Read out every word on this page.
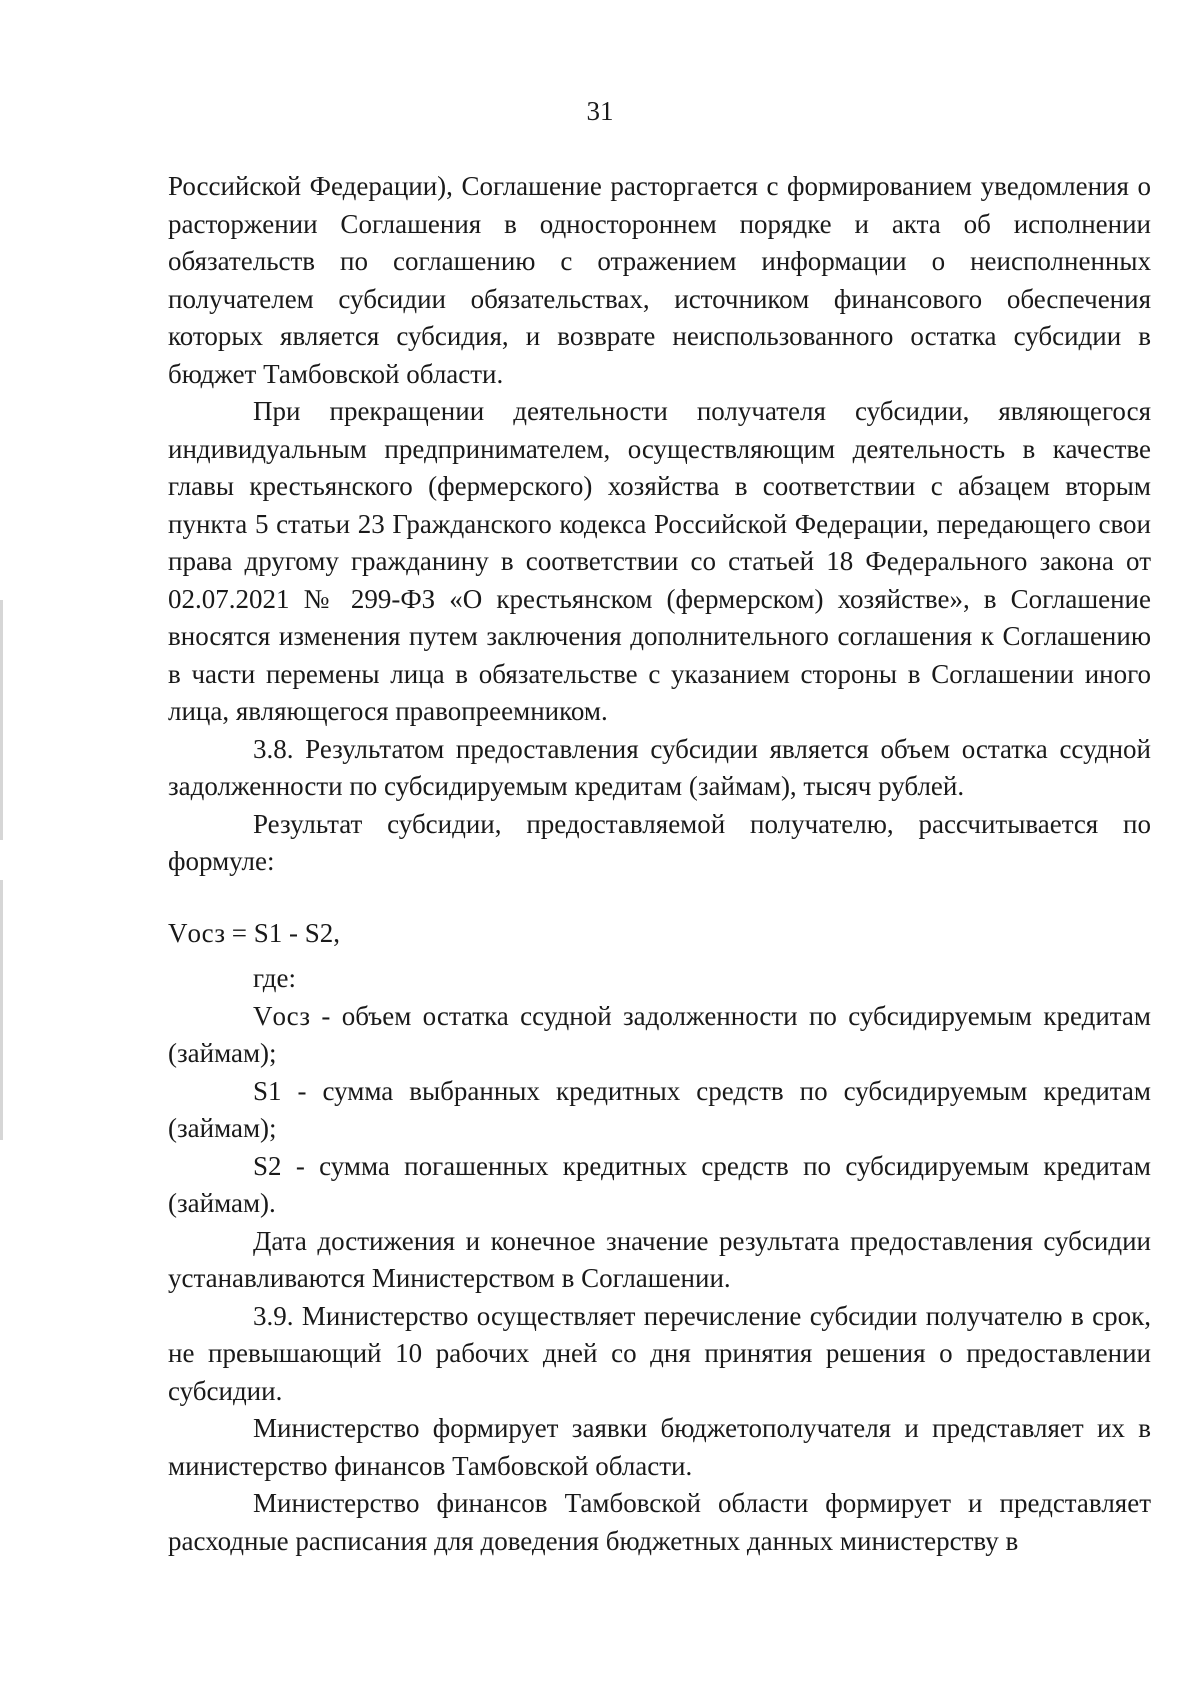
31

Российской Федерации), Соглашение расторгается с формированием уведомления о расторжении Соглашения в одностороннем порядке и акта об исполнении обязательств по соглашению с отражением информации о неисполненных получателем субсидии обязательствах, источником финансового обеспечения которых является субсидия, и возврате неиспользованного остатка субсидии в бюджет Тамбовской области.

При прекращении деятельности получателя субсидии, являющегося индивидуальным предпринимателем, осуществляющим деятельность в качестве главы крестьянского (фермерского) хозяйства в соответствии с абзацем вторым пункта 5 статьи 23 Гражданского кодекса Российской Федерации, передающего свои права другому гражданину в соответствии со статьей 18 Федерального закона от 02.07.2021 № 299-ФЗ «О крестьянском (фермерском) хозяйстве», в Соглашение вносятся изменения путем заключения дополнительного соглашения к Соглашению в части перемены лица в обязательстве с указанием стороны в Соглашении иного лица, являющегося правопреемником.

3.8. Результатом предоставления субсидии является объем остатка ссудной задолженности по субсидируемым кредитам (займам), тысяч рублей.

Результат субсидии, предоставляемой получателю, рассчитывается по формуле:

Vосз = S1 - S2,

где:

Vосз - объем остатка ссудной задолженности по субсидируемым кредитам (займам);

S1 - сумма выбранных кредитных средств по субсидируемым кредитам (займам);

S2 - сумма погашенных кредитных средств по субсидируемым кредитам (займам).

Дата достижения и конечное значение результата предоставления субсидии устанавливаются Министерством в Соглашении.

3.9. Министерство осуществляет перечисление субсидии получателю в срок, не превышающий 10 рабочих дней со дня принятия решения о предоставлении субсидии.

Министерство формирует заявки бюджетополучателя и представляет их в министерство финансов Тамбовской области.

Министерство финансов Тамбовской области формирует и представляет расходные расписания для доведения бюджетных данных министерству в
